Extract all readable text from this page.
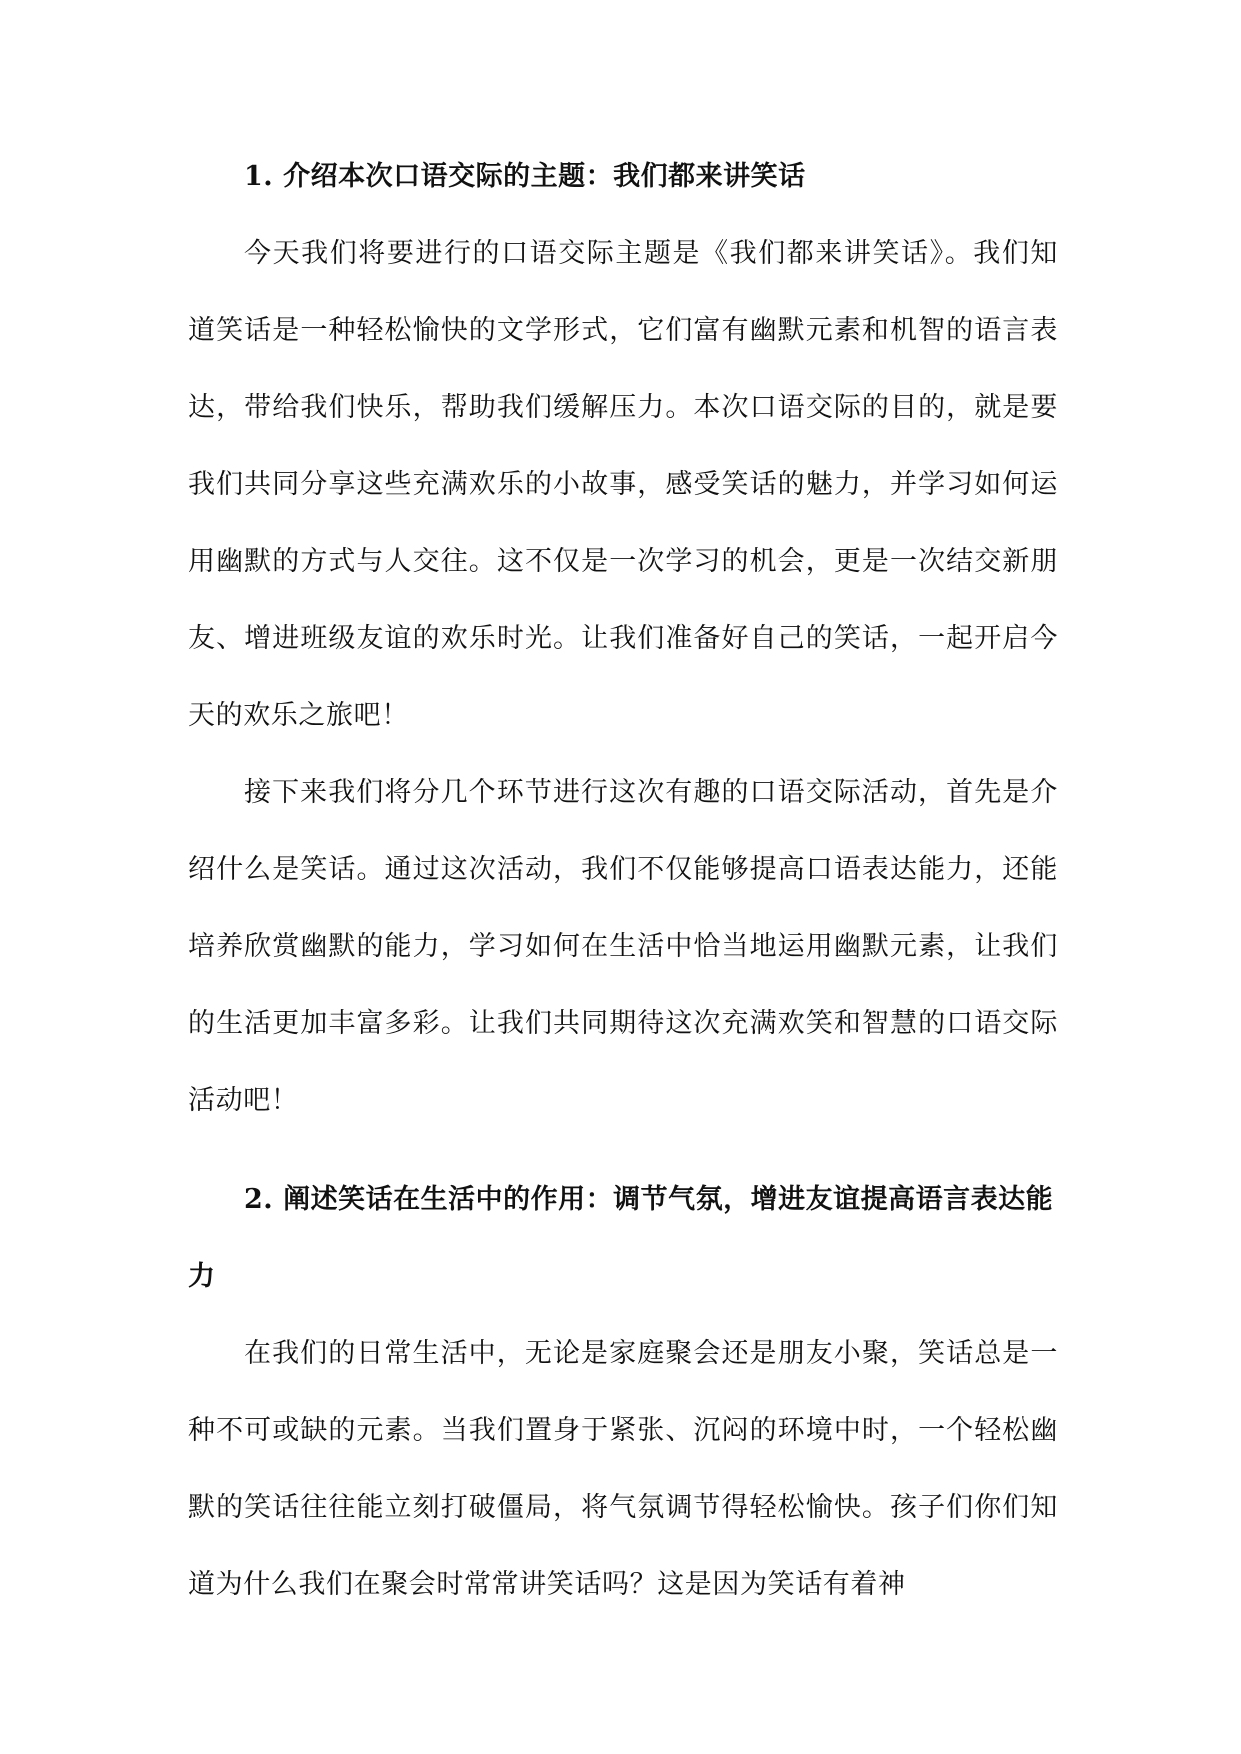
1. 介绍本次口语交际的主题：我们都来讲笑话

今天我们将要进行的口语交际主题是《我们都来讲笑话》。我们知道笑话是一种轻松愉快的文学形式，它们富有幽默元素和机智的语言表达，带给我们快乐，帮助我们缓解压力。本次口语交际的目的，就是要我们共同分享这些充满欢乐的小故事，感受笑话的魅力，并学习如何运用幽默的方式与人交往。这不仅是一次学习的机会，更是一次结交新朋友、增进班级友谊的欢乐时光。让我们准备好自己的笑话，一起开启今天的欢乐之旅吧！

接下来我们将分几个环节进行这次有趣的口语交际活动，首先是介绍什么是笑话。通过这次活动，我们不仅能够提高口语表达能力，还能培养欣赏幽默的能力，学习如何在生活中恰当地运用幽默元素，让我们的生活更加丰富多彩。让我们共同期待这次充满欢笑和智慧的口语交际活动吧！

2. 阐述笑话在生活中的作用：调节气氛，增进友谊提高语言表达能力

在我们的日常生活中，无论是家庭聚会还是朋友小聚，笑话总是一种不可或缺的元素。当我们置身于紧张、沉闷的环境中时，一个轻松幽默的笑话往往能立刻打破僵局，将气氛调节得轻松愉快。孩子们你们知道为什么我们在聚会时常常讲笑话吗？这是因为笑话有着神
